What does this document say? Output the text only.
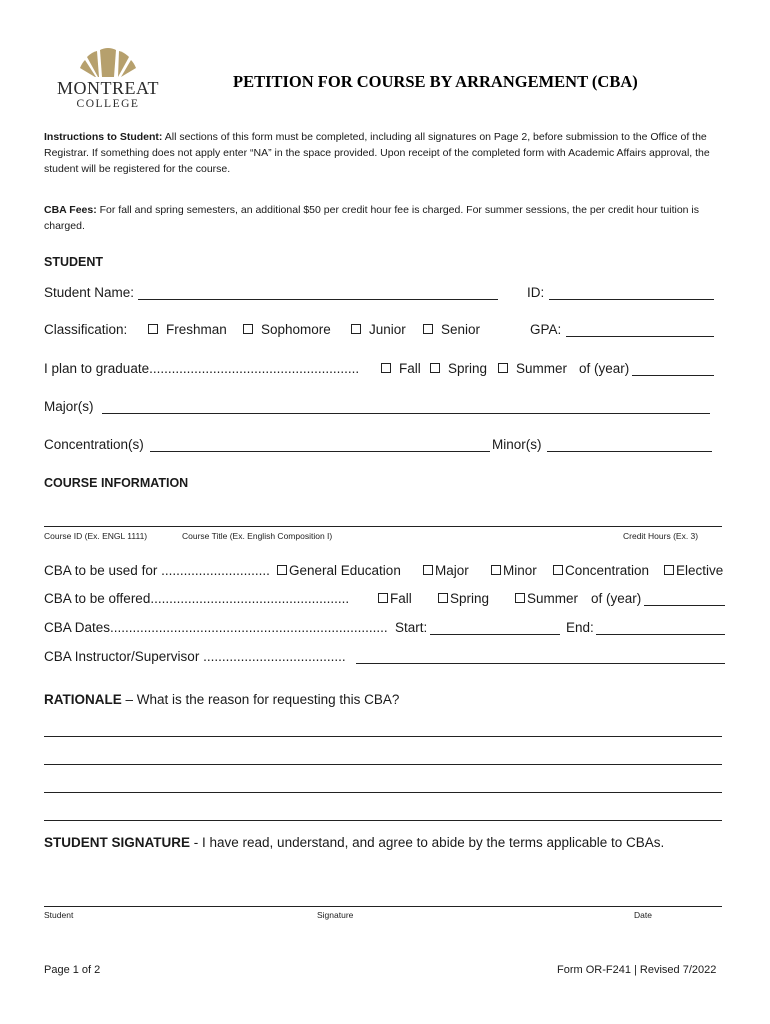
MONTREAT
COLLEGE
PETITION FOR COURSE BY ARRANGEMENT (CBA)
Instructions to Student: All sections of this form must be completed, including all signatures on Page 2, before submission to the Office of the Registrar. If something does not apply enter “NA” in the space provided. Upon receipt of the completed form with Academic Affairs approval, the student will be registered for the course.
CBA Fees: For fall and spring semesters, an additional $50 per credit hour fee is charged. For summer sessions, the per credit hour tuition is charged.
STUDENT
Student Name:	ID:
Classification:	Freshman	Sophomore	Junior	Senior	GPA:
I plan to graduate........................................................	Fall	Spring	Summer of (year)
Major(s)
Concentration(s)	Minor(s)
COURSE INFORMATION
Course ID (Ex. ENGL 1111)	Course Title (Ex. English Composition I)	Credit Hours (Ex. 3)
CBA to be used for .............................	General Education	Major	Minor	Concentration	Elective
CBA to be offered.....................................................	Fall	Spring	Summer of (year)
CBA Dates.......................................................................... Start:	End:
CBA Instructor/Supervisor ......................................
RATIONALE – What is the reason for requesting this CBA?
STUDENT SIGNATURE - I have read, understand, and agree to abide by the terms applicable to CBAs.
Student	Signature	Date
Page 1 of 2	Form OR-F241 | Revised 7/2022
